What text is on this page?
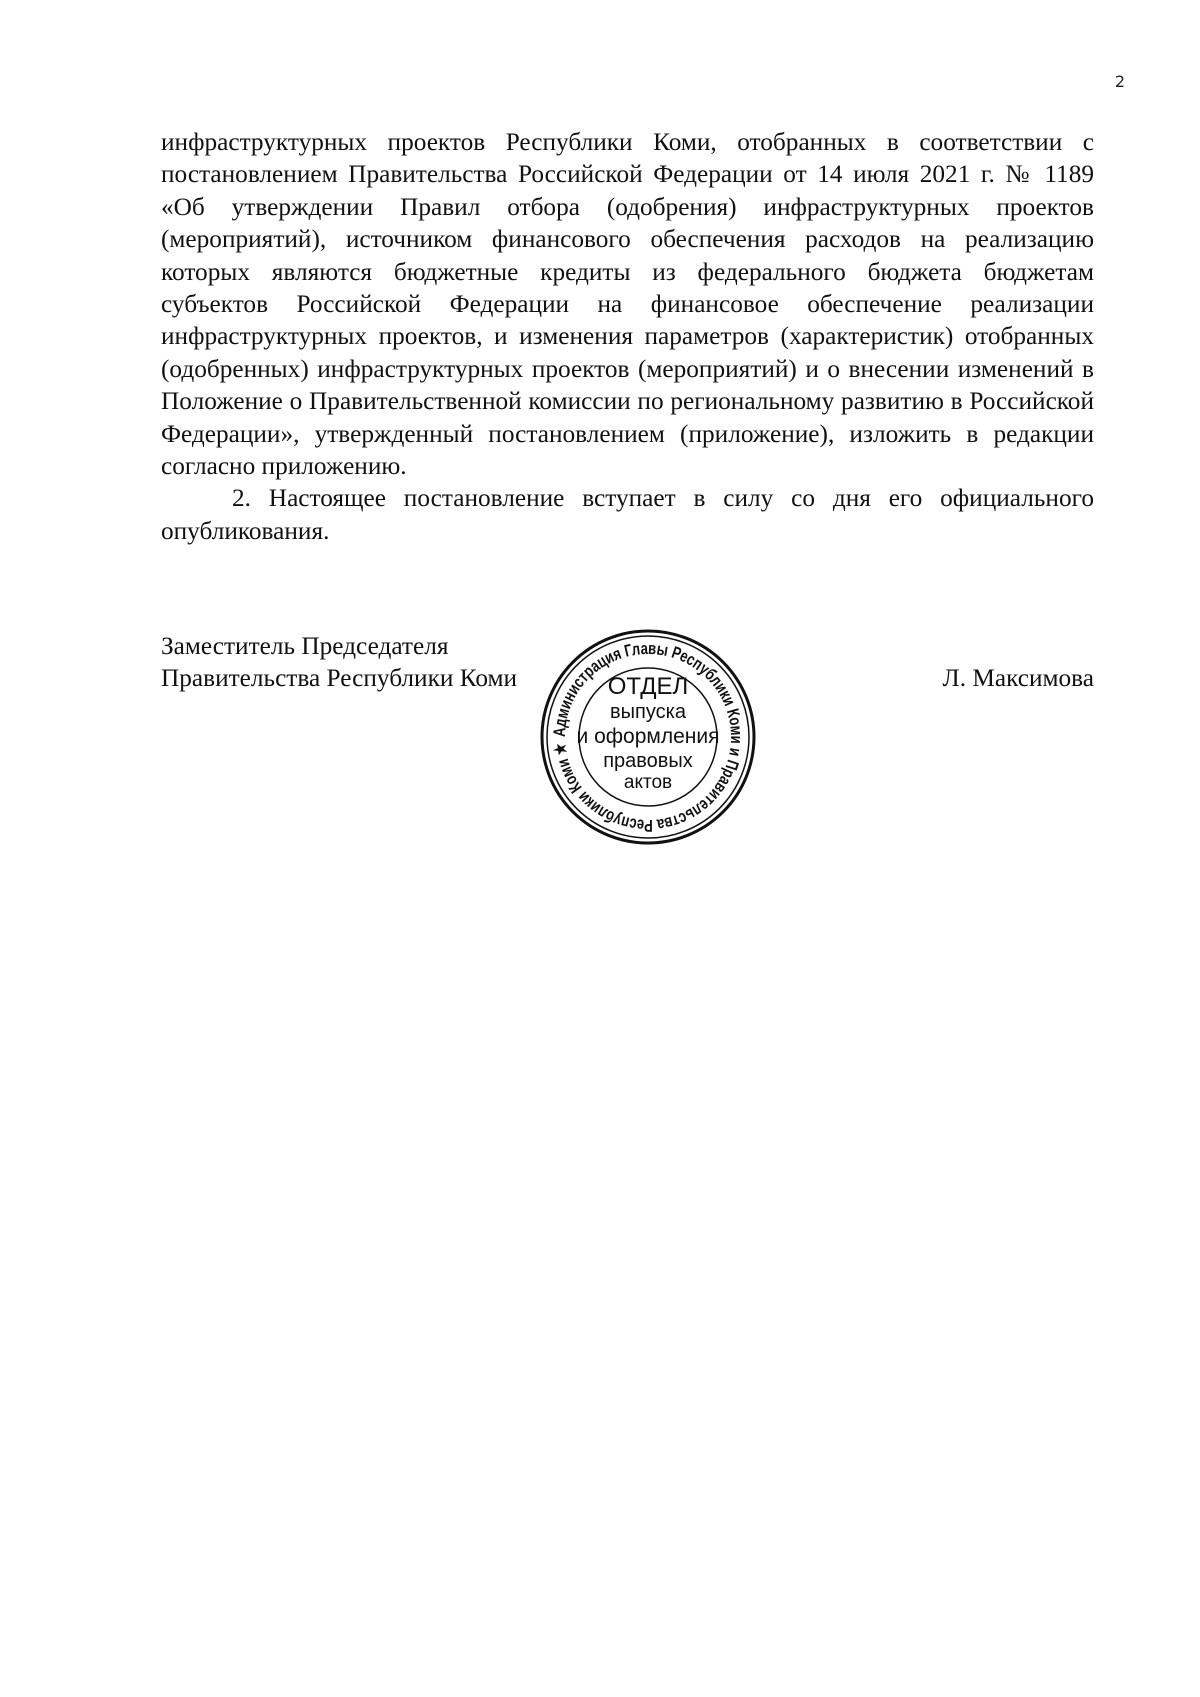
2

инфраструктурных проектов Республики Коми, отобранных в соответствии с постановлением Правительства Российской Федерации от 14 июля 2021 г. № 1189 «Об утверждении Правил отбора (одобрения) инфраструктурных проектов (мероприятий), источником финансового обеспечения расходов на реализацию которых являются бюджетные кредиты из федерального бюджета бюджетам субъектов Российской Федерации на финансовое обеспечение реализации инфраструктурных проектов, и изменения параметров (характеристик) отобранных (одобренных) инфраструктурных проектов (мероприятий) и о внесении изменений в Положение о Правительственной комиссии по региональному развитию в Российской Федерации», утвержденный постановлением (приложение), изложить в редакции согласно приложению.

2. Настоящее постановление вступает в силу со дня его официального опубликования.

Заместитель Председателя
Правительства Республики Коми	Л. Максимова
Администрация Главы Республики Коми и Правительства Республики Коми ★
ОТДЕЛ
выпуска
и оформления
правовых
актов
